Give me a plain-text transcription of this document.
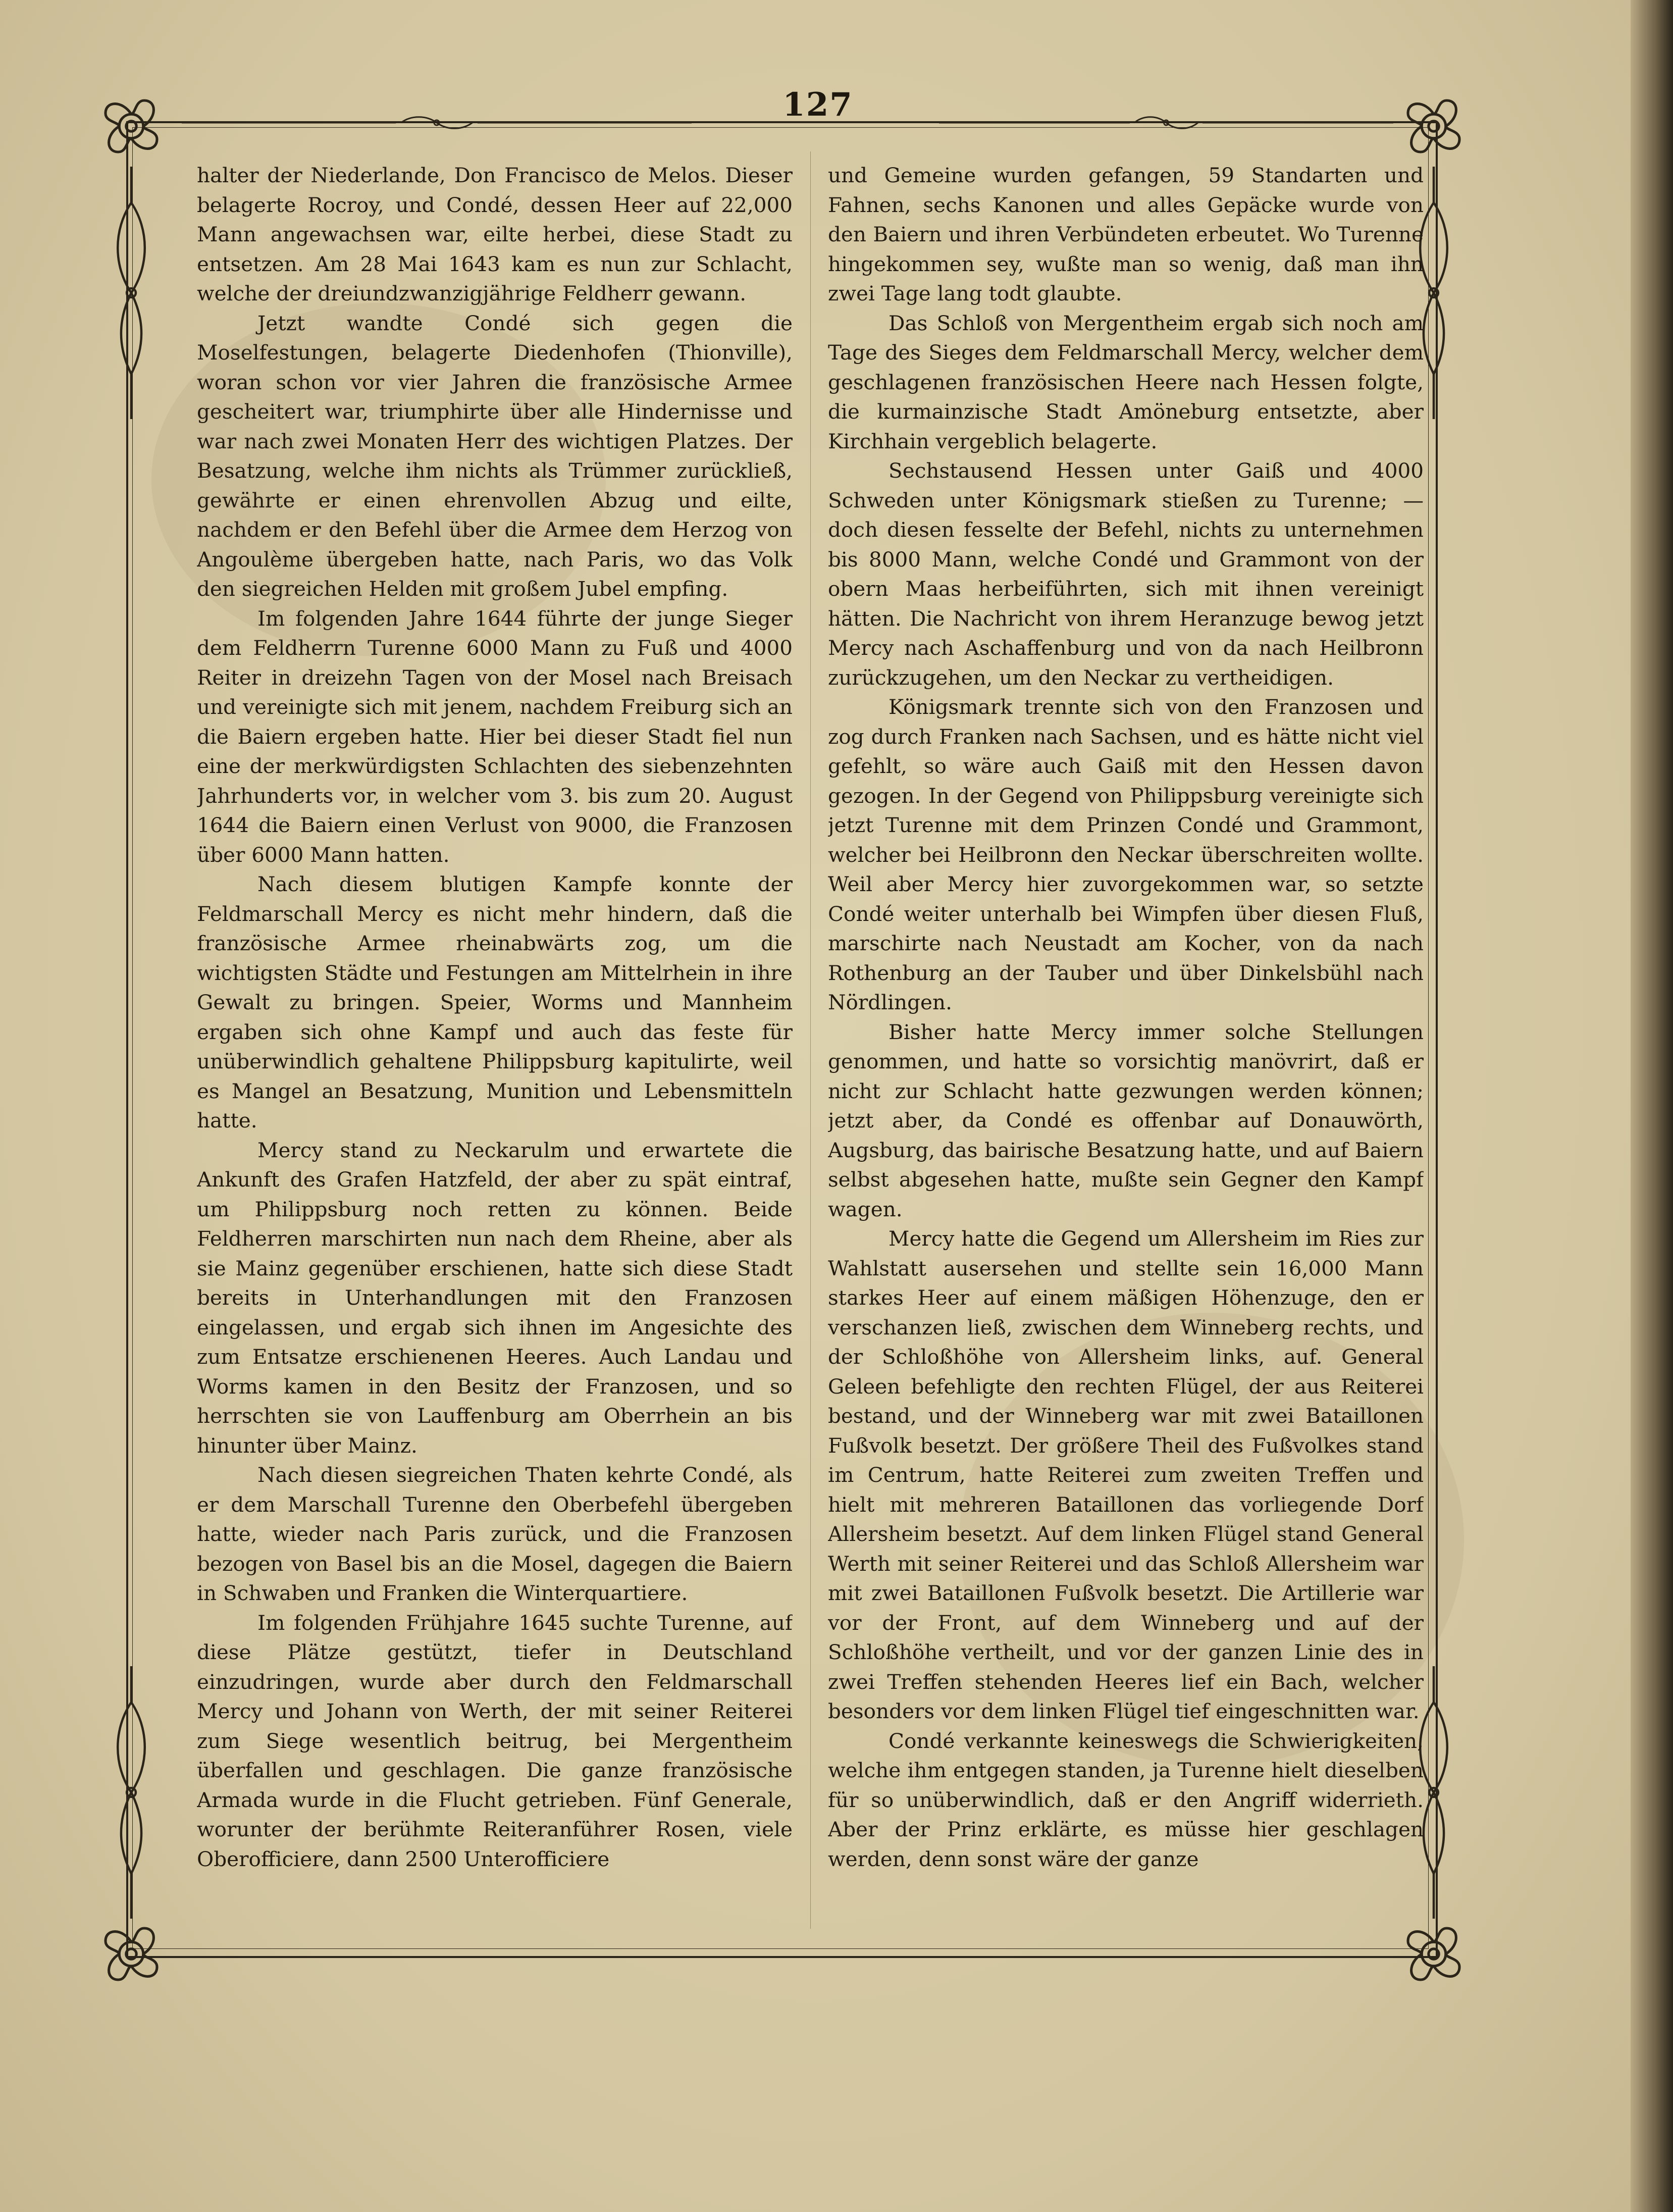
127

halter der Niederlande, Don Francisco de Melos. Dieser belagerte Rocroy, und Condé, dessen Heer auf 22,000 Mann angewachsen war, eilte herbei, diese Stadt zu entsetzen. Am 28 Mai 1643 kam es nun zur Schlacht, welche der dreiundzwanzigjährige Feldherr gewann.

Jetzt wandte Condé sich gegen die Moselfestungen, belagerte Diedenhofen (Thionville), woran schon vor vier Jahren die französische Armee gescheitert war, triumphirte über alle Hindernisse und war nach zwei Monaten Herr des wichtigen Platzes. Der Besatzung, welche ihm nichts als Trümmer zurückließ, gewährte er einen ehrenvollen Abzug und eilte, nachdem er den Befehl über die Armee dem Herzog von Angoulème übergeben hatte, nach Paris, wo das Volk den siegreichen Helden mit großem Jubel empfing.

Im folgenden Jahre 1644 führte der junge Sieger dem Feldherrn Turenne 6000 Mann zu Fuß und 4000 Reiter in dreizehn Tagen von der Mosel nach Breisach und vereinigte sich mit jenem, nachdem Freiburg sich an die Baiern ergeben hatte. Hier bei dieser Stadt fiel nun eine der merkwürdigsten Schlachten des siebenzehnten Jahrhunderts vor, in welcher vom 3. bis zum 20. August 1644 die Baiern einen Verlust von 9000, die Franzosen über 6000 Mann hatten.

Nach diesem blutigen Kampfe konnte der Feldmarschall Mercy es nicht mehr hindern, daß die französische Armee rheinabwärts zog, um die wichtigsten Städte und Festungen am Mittelrhein in ihre Gewalt zu bringen. Speier, Worms und Mannheim ergaben sich ohne Kampf und auch das feste für unüberwindlich gehaltene Philippsburg kapitulirte, weil es Mangel an Besatzung, Munition und Lebensmitteln hatte.

Mercy stand zu Neckarulm und erwartete die Ankunft des Grafen Hatzfeld, der aber zu spät eintraf, um Philippsburg noch retten zu können. Beide Feldherren marschirten nun nach dem Rheine, aber als sie Mainz gegenüber erschienen, hatte sich diese Stadt bereits in Unterhandlungen mit den Franzosen eingelassen, und ergab sich ihnen im Angesichte des zum Entsatze erschienenen Heeres. Auch Landau und Worms kamen in den Besitz der Franzosen, und so herrschten sie von Lauffenburg am Oberrhein an bis hinunter über Mainz.

Nach diesen siegreichen Thaten kehrte Condé, als er dem Marschall Turenne den Oberbefehl übergeben hatte, wieder nach Paris zurück, und die Franzosen bezogen von Basel bis an die Mosel, dagegen die Baiern in Schwaben und Franken die Winterquartiere.

Im folgenden Frühjahre 1645 suchte Turenne, auf diese Plätze gestützt, tiefer in Deutschland einzudringen, wurde aber durch den Feldmarschall Mercy und Johann von Werth, der mit seiner Reiterei zum Siege wesentlich beitrug, bei Mergentheim überfallen und geschlagen. Die ganze französische Armada wurde in die Flucht getrieben. Fünf Generale, worunter der berühmte Reiteranführer Rosen, viele Oberofficiere, dann 2500 Unterofficiere

und Gemeine wurden gefangen, 59 Standarten und Fahnen, sechs Kanonen und alles Gepäcke wurde von den Baiern und ihren Verbündeten erbeutet. Wo Turenne hingekommen sey, wußte man so wenig, daß man ihn zwei Tage lang todt glaubte.

Das Schloß von Mergentheim ergab sich noch am Tage des Sieges dem Feldmarschall Mercy, welcher dem geschlagenen französischen Heere nach Hessen folgte, die kurmainzische Stadt Amöneburg entsetzte, aber Kirchhain vergeblich belagerte.

Sechstausend Hessen unter Gaiß und 4000 Schweden unter Königsmark stießen zu Turenne; — doch diesen fesselte der Befehl, nichts zu unternehmen bis 8000 Mann, welche Condé und Grammont von der obern Maas herbeiführten, sich mit ihnen vereinigt hätten. Die Nachricht von ihrem Heranzuge bewog jetzt Mercy nach Aschaffenburg und von da nach Heilbronn zurückzugehen, um den Neckar zu vertheidigen.

Königsmark trennte sich von den Franzosen und zog durch Franken nach Sachsen, und es hätte nicht viel gefehlt, so wäre auch Gaiß mit den Hessen davon gezogen. In der Gegend von Philippsburg vereinigte sich jetzt Turenne mit dem Prinzen Condé und Grammont, welcher bei Heilbronn den Neckar überschreiten wollte. Weil aber Mercy hier zuvorgekommen war, so setzte Condé weiter unterhalb bei Wimpfen über diesen Fluß, marschirte nach Neustadt am Kocher, von da nach Rothenburg an der Tauber und über Dinkelsbühl nach Nördlingen.

Bisher hatte Mercy immer solche Stellungen genommen, und hatte so vorsichtig manövrirt, daß er nicht zur Schlacht hatte gezwungen werden können; jetzt aber, da Condé es offenbar auf Donauwörth, Augsburg, das bairische Besatzung hatte, und auf Baiern selbst abgesehen hatte, mußte sein Gegner den Kampf wagen.

Mercy hatte die Gegend um Allersheim im Ries zur Wahlstatt ausersehen und stellte sein 16,000 Mann starkes Heer auf einem mäßigen Höhenzuge, den er verschanzen ließ, zwischen dem Winneberg rechts, und der Schloßhöhe von Allersheim links, auf. General Geleen befehligte den rechten Flügel, der aus Reiterei bestand, und der Winneberg war mit zwei Bataillonen Fußvolk besetzt. Der größere Theil des Fußvolkes stand im Centrum, hatte Reiterei zum zweiten Treffen und hielt mit mehreren Bataillonen das vorliegende Dorf Allersheim besetzt. Auf dem linken Flügel stand General Werth mit seiner Reiterei und das Schloß Allersheim war mit zwei Bataillonen Fußvolk besetzt. Die Artillerie war vor der Front, auf dem Winneberg und auf der Schloßhöhe vertheilt, und vor der ganzen Linie des in zwei Treffen stehenden Heeres lief ein Bach, welcher besonders vor dem linken Flügel tief eingeschnitten war.

Condé verkannte keineswegs die Schwierigkeiten, welche ihm entgegen standen, ja Turenne hielt dieselben für so unüberwindlich, daß er den Angriff widerrieth. Aber der Prinz erklärte, es müsse hier geschlagen werden, denn sonst wäre der ganze
